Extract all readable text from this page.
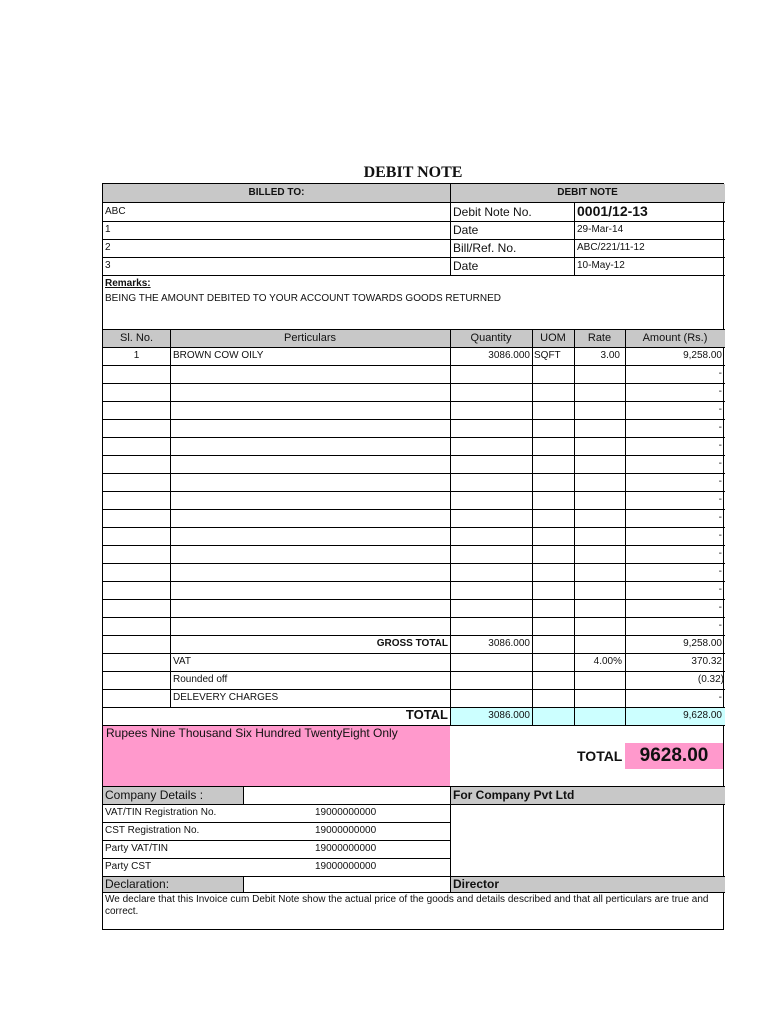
DEBIT NOTE
BILLED TO:	DEBIT NOTE
ABC
1
2
3
Debit Note No.	0001/12-13
Date	29-Mar-14
Bill/Ref. No.	ABC/221/11-12
Date	10-May-12
Remarks:
BEING THE AMOUNT DEBITED TO YOUR ACCOUNT TOWARDS GOODS RETURNED
Sl. No.	Perticulars	Quantity	UOM	Rate	Amount (Rs.)
1	BROWN COW OILY	3086.000 SQFT	3.00	9,258.00
-
-
-
-
-
-
-
-
-
-
-
-
-
-
-
GROSS TOTAL	3086.000	9,258.00
VAT	4.00%	370.32
Rounded off	(0.32)
DELEVERY CHARGES	-
TOTAL	3086.000	9,628.00
Rupees Nine Thousand Six Hundred TwentyEight Only
TOTAL 9628.00
Company Details :	For Company Pvt Ltd
VAT/TIN Registration No.	19000000000
CST Registration No.	19000000000
Party VAT/TIN	19000000000
Party CST	19000000000
Declaration:	Director
We declare that this Invoice cum Debit Note show the actual price of the goods and details described and that all perticulars are true and correct.
